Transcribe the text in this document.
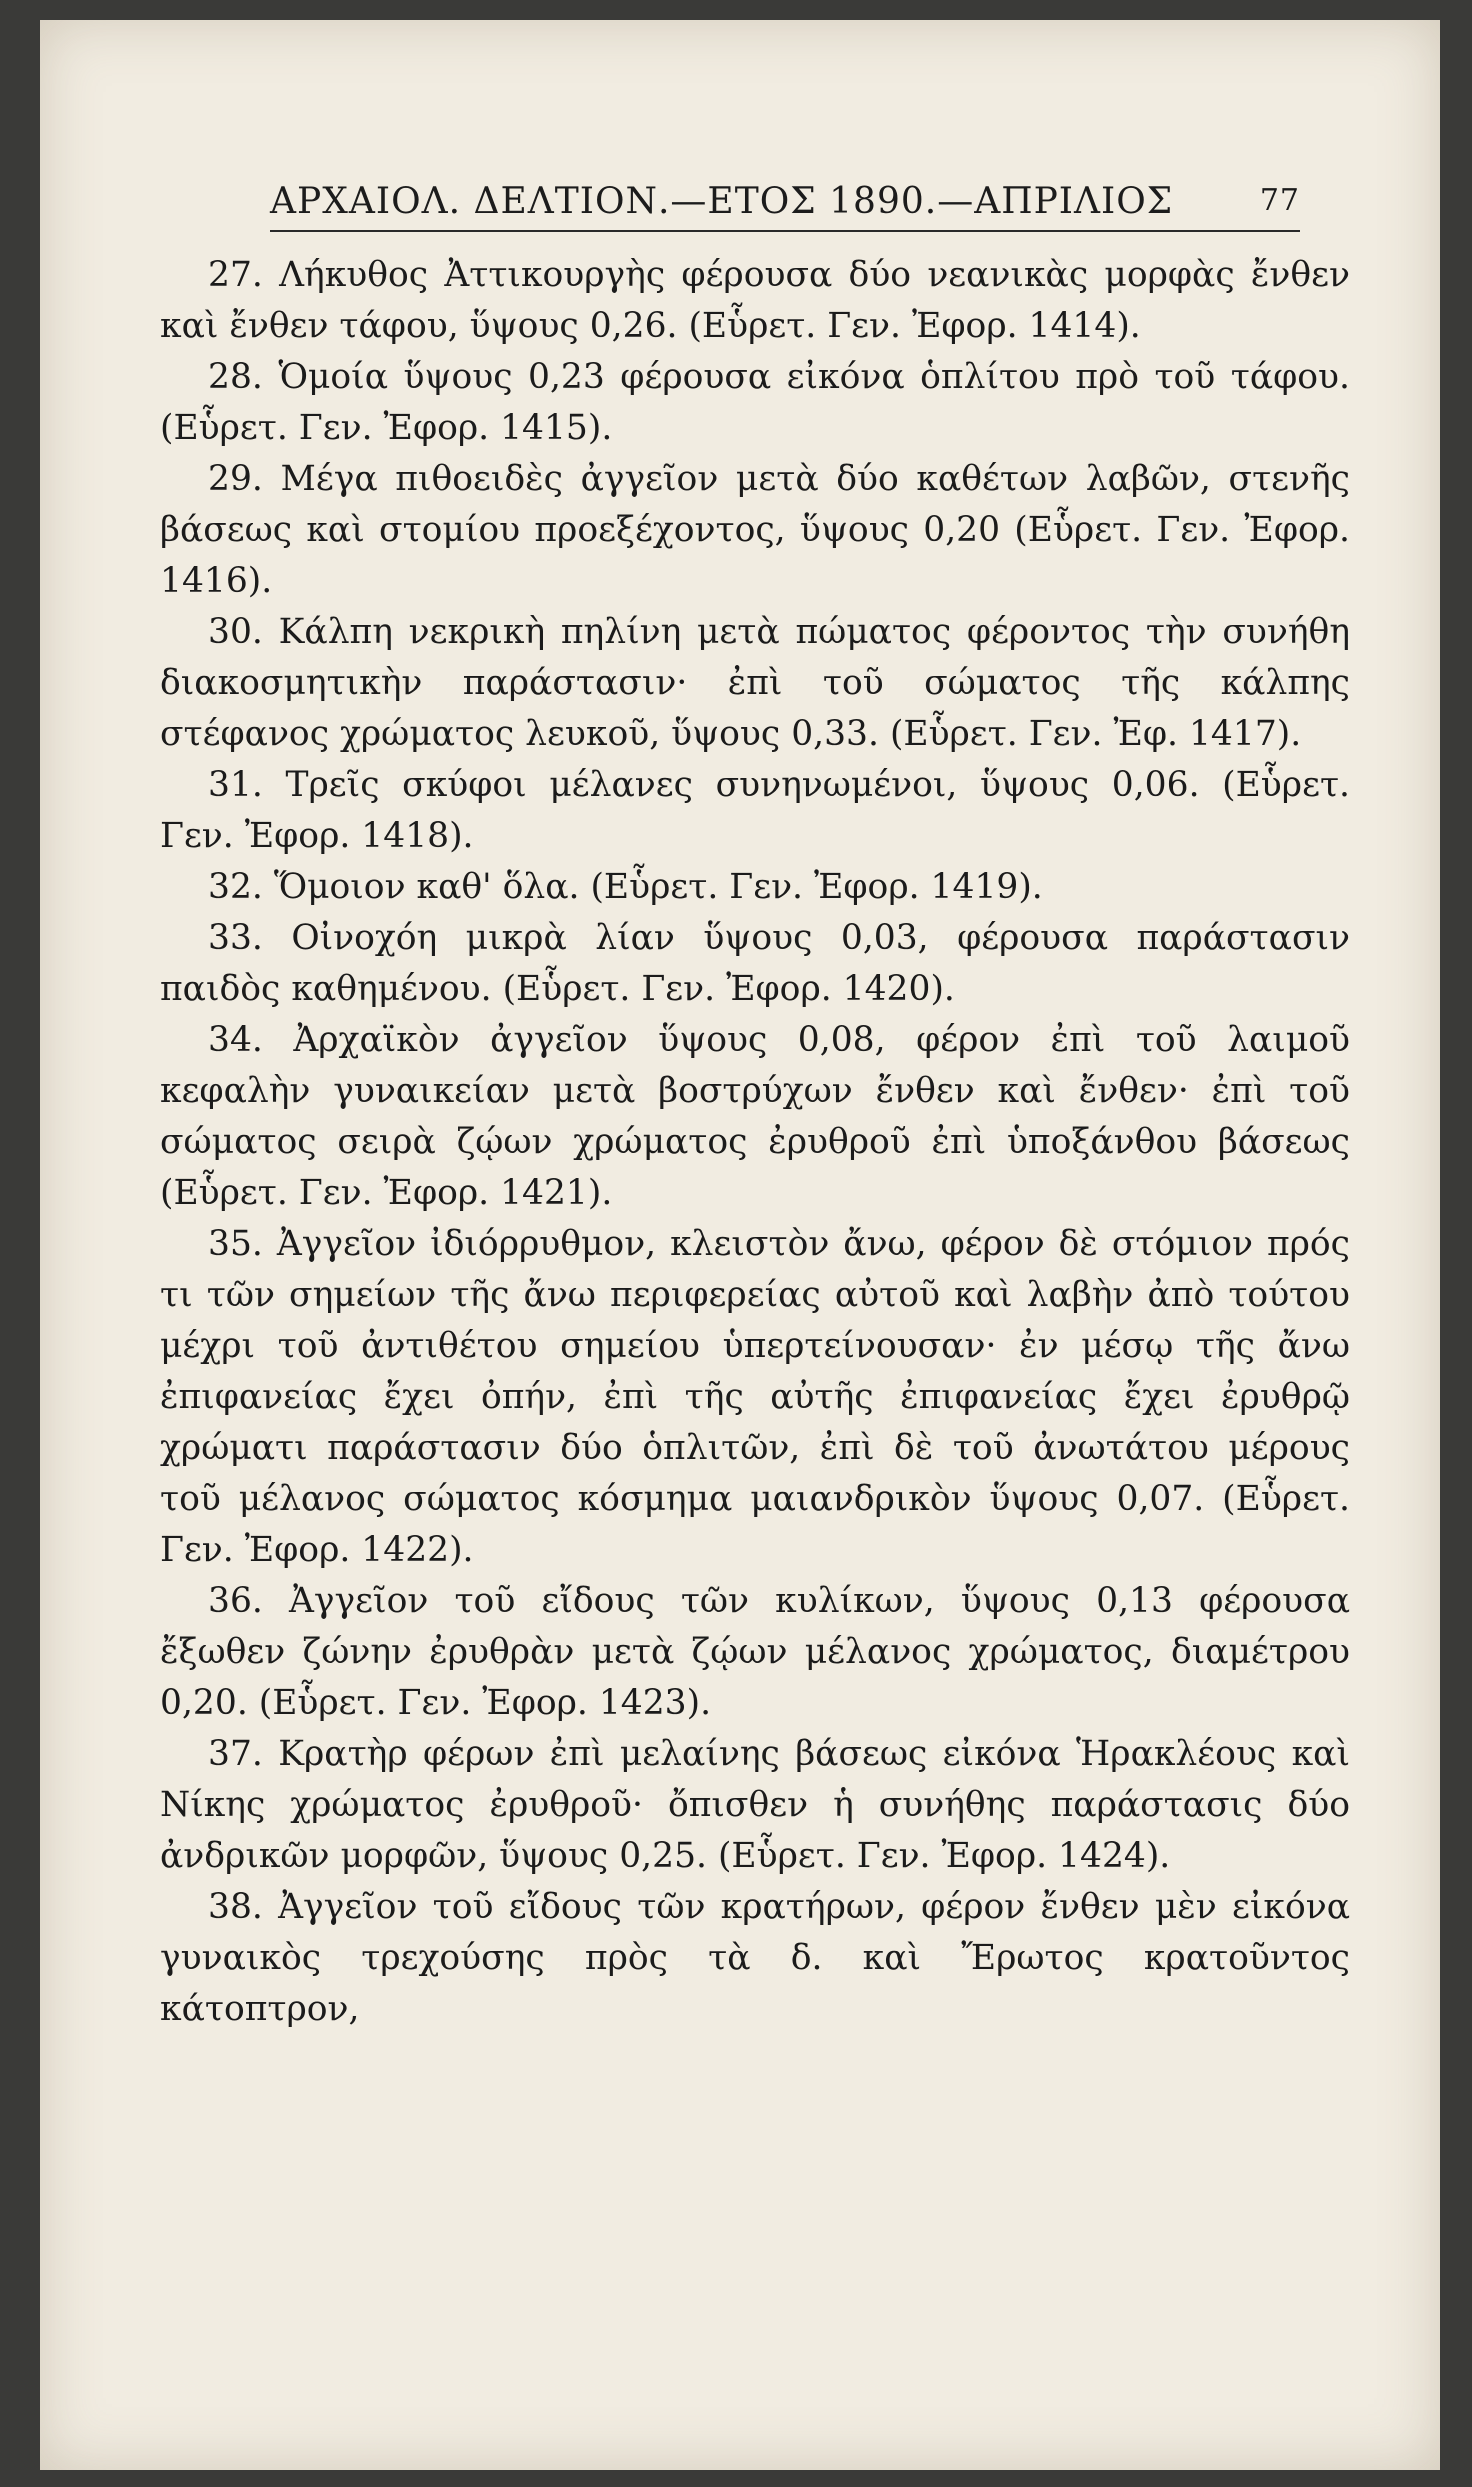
ΑΡΧΑΙΟΛ. ΔΕΛΤΙΟΝ.—ΕΤΟΣ 1890.—ΑΠΡΙΛΙΟΣ	77

27. Λήκυθος Ἀττικουργὴς φέρουσα δύο νεανικὰς μορφὰς ἔνθεν καὶ ἔνθεν τάφου, ὕψους 0,26. (Εὗρετ. Γεν. Ἐφορ. 1414).

28. Ὁμοία ὕψους 0,23 φέρουσα εἰκόνα ὁπλίτου πρὸ τοῦ τάφου. (Εὗρετ. Γεν. Ἐφορ. 1415).

29. Μέγα πιθοειδὲς ἀγγεῖον μετὰ δύο καθέτων λαβῶν, στενῆς βάσεως καὶ στομίου προεξέχοντος, ὕψους 0,20 (Εὗρετ. Γεν. Ἐφορ. 1416).

30. Κάλπη νεκρικὴ πηλίνη μετὰ πώματος φέροντος τὴν συνήθη διακοσμητικὴν παράστασιν· ἐπὶ τοῦ σώματος τῆς κάλπης στέφανος χρώματος λευκοῦ, ὕψους 0,33. (Εὗρετ. Γεν. Ἐφ. 1417).

31. Τρεῖς σκύφοι μέλανες συνηνωμένοι, ὕψους 0,06. (Εὗρετ. Γεν. Ἐφορ. 1418).

32. Ὅμοιον καθ' ὅλα. (Εὗρετ. Γεν. Ἐφορ. 1419).

33. Οἰνοχόη μικρὰ λίαν ὕψους 0,03, φέρουσα παράστασιν παιδὸς καθημένου. (Εὗρετ. Γεν. Ἐφορ. 1420).

34. Ἀρχαϊκὸν ἀγγεῖον ὕψους 0,08, φέρον ἐπὶ τοῦ λαιμοῦ κεφαλὴν γυναικείαν μετὰ βοστρύχων ἔνθεν καὶ ἔνθεν· ἐπὶ τοῦ σώματος σειρὰ ζῴων χρώματος ἐρυθροῦ ἐπὶ ὑποξάνθου βάσεως (Εὗρετ. Γεν. Ἐφορ. 1421).

35. Ἀγγεῖον ἰδιόρρυθμον, κλειστὸν ἄνω, φέρον δὲ στόμιον πρός τι τῶν σημείων τῆς ἄνω περιφερείας αὐτοῦ καὶ λαβὴν ἀπὸ τούτου μέχρι τοῦ ἀντιθέτου σημείου ὑπερτείνουσαν· ἐν μέσῳ τῆς ἄνω ἐπιφανείας ἔχει ὀπήν, ἐπὶ τῆς αὐτῆς ἐπιφανείας ἔχει ἐρυθρῷ χρώματι παράστασιν δύο ὁπλιτῶν, ἐπὶ δὲ τοῦ ἀνωτάτου μέρους τοῦ μέλανος σώματος κόσμημα μαιανδρικὸν ὕψους 0,07. (Εὗρετ. Γεν. Ἐφορ. 1422).

36. Ἀγγεῖον τοῦ εἴδους τῶν κυλίκων, ὕψους 0,13 φέρουσα ἔξωθεν ζώνην ἐρυθρὰν μετὰ ζῴων μέλανος χρώματος, διαμέτρου 0,20. (Εὗρετ. Γεν. Ἐφορ. 1423).

37. Κρατὴρ φέρων ἐπὶ μελαίνης βάσεως εἰκόνα Ἡρακλέους καὶ Νίκης χρώματος ἐρυθροῦ· ὄπισθεν ἡ συνήθης παράστασις δύο ἀνδρικῶν μορφῶν, ὕψους 0,25. (Εὗρετ. Γεν. Ἐφορ. 1424).

38. Ἀγγεῖον τοῦ εἴδους τῶν κρατήρων, φέρον ἔνθεν μὲν εἰκόνα γυναικὸς τρεχούσης πρὸς τὰ δ. καὶ Ἔρωτος κρατοῦντος κάτοπτρον,
